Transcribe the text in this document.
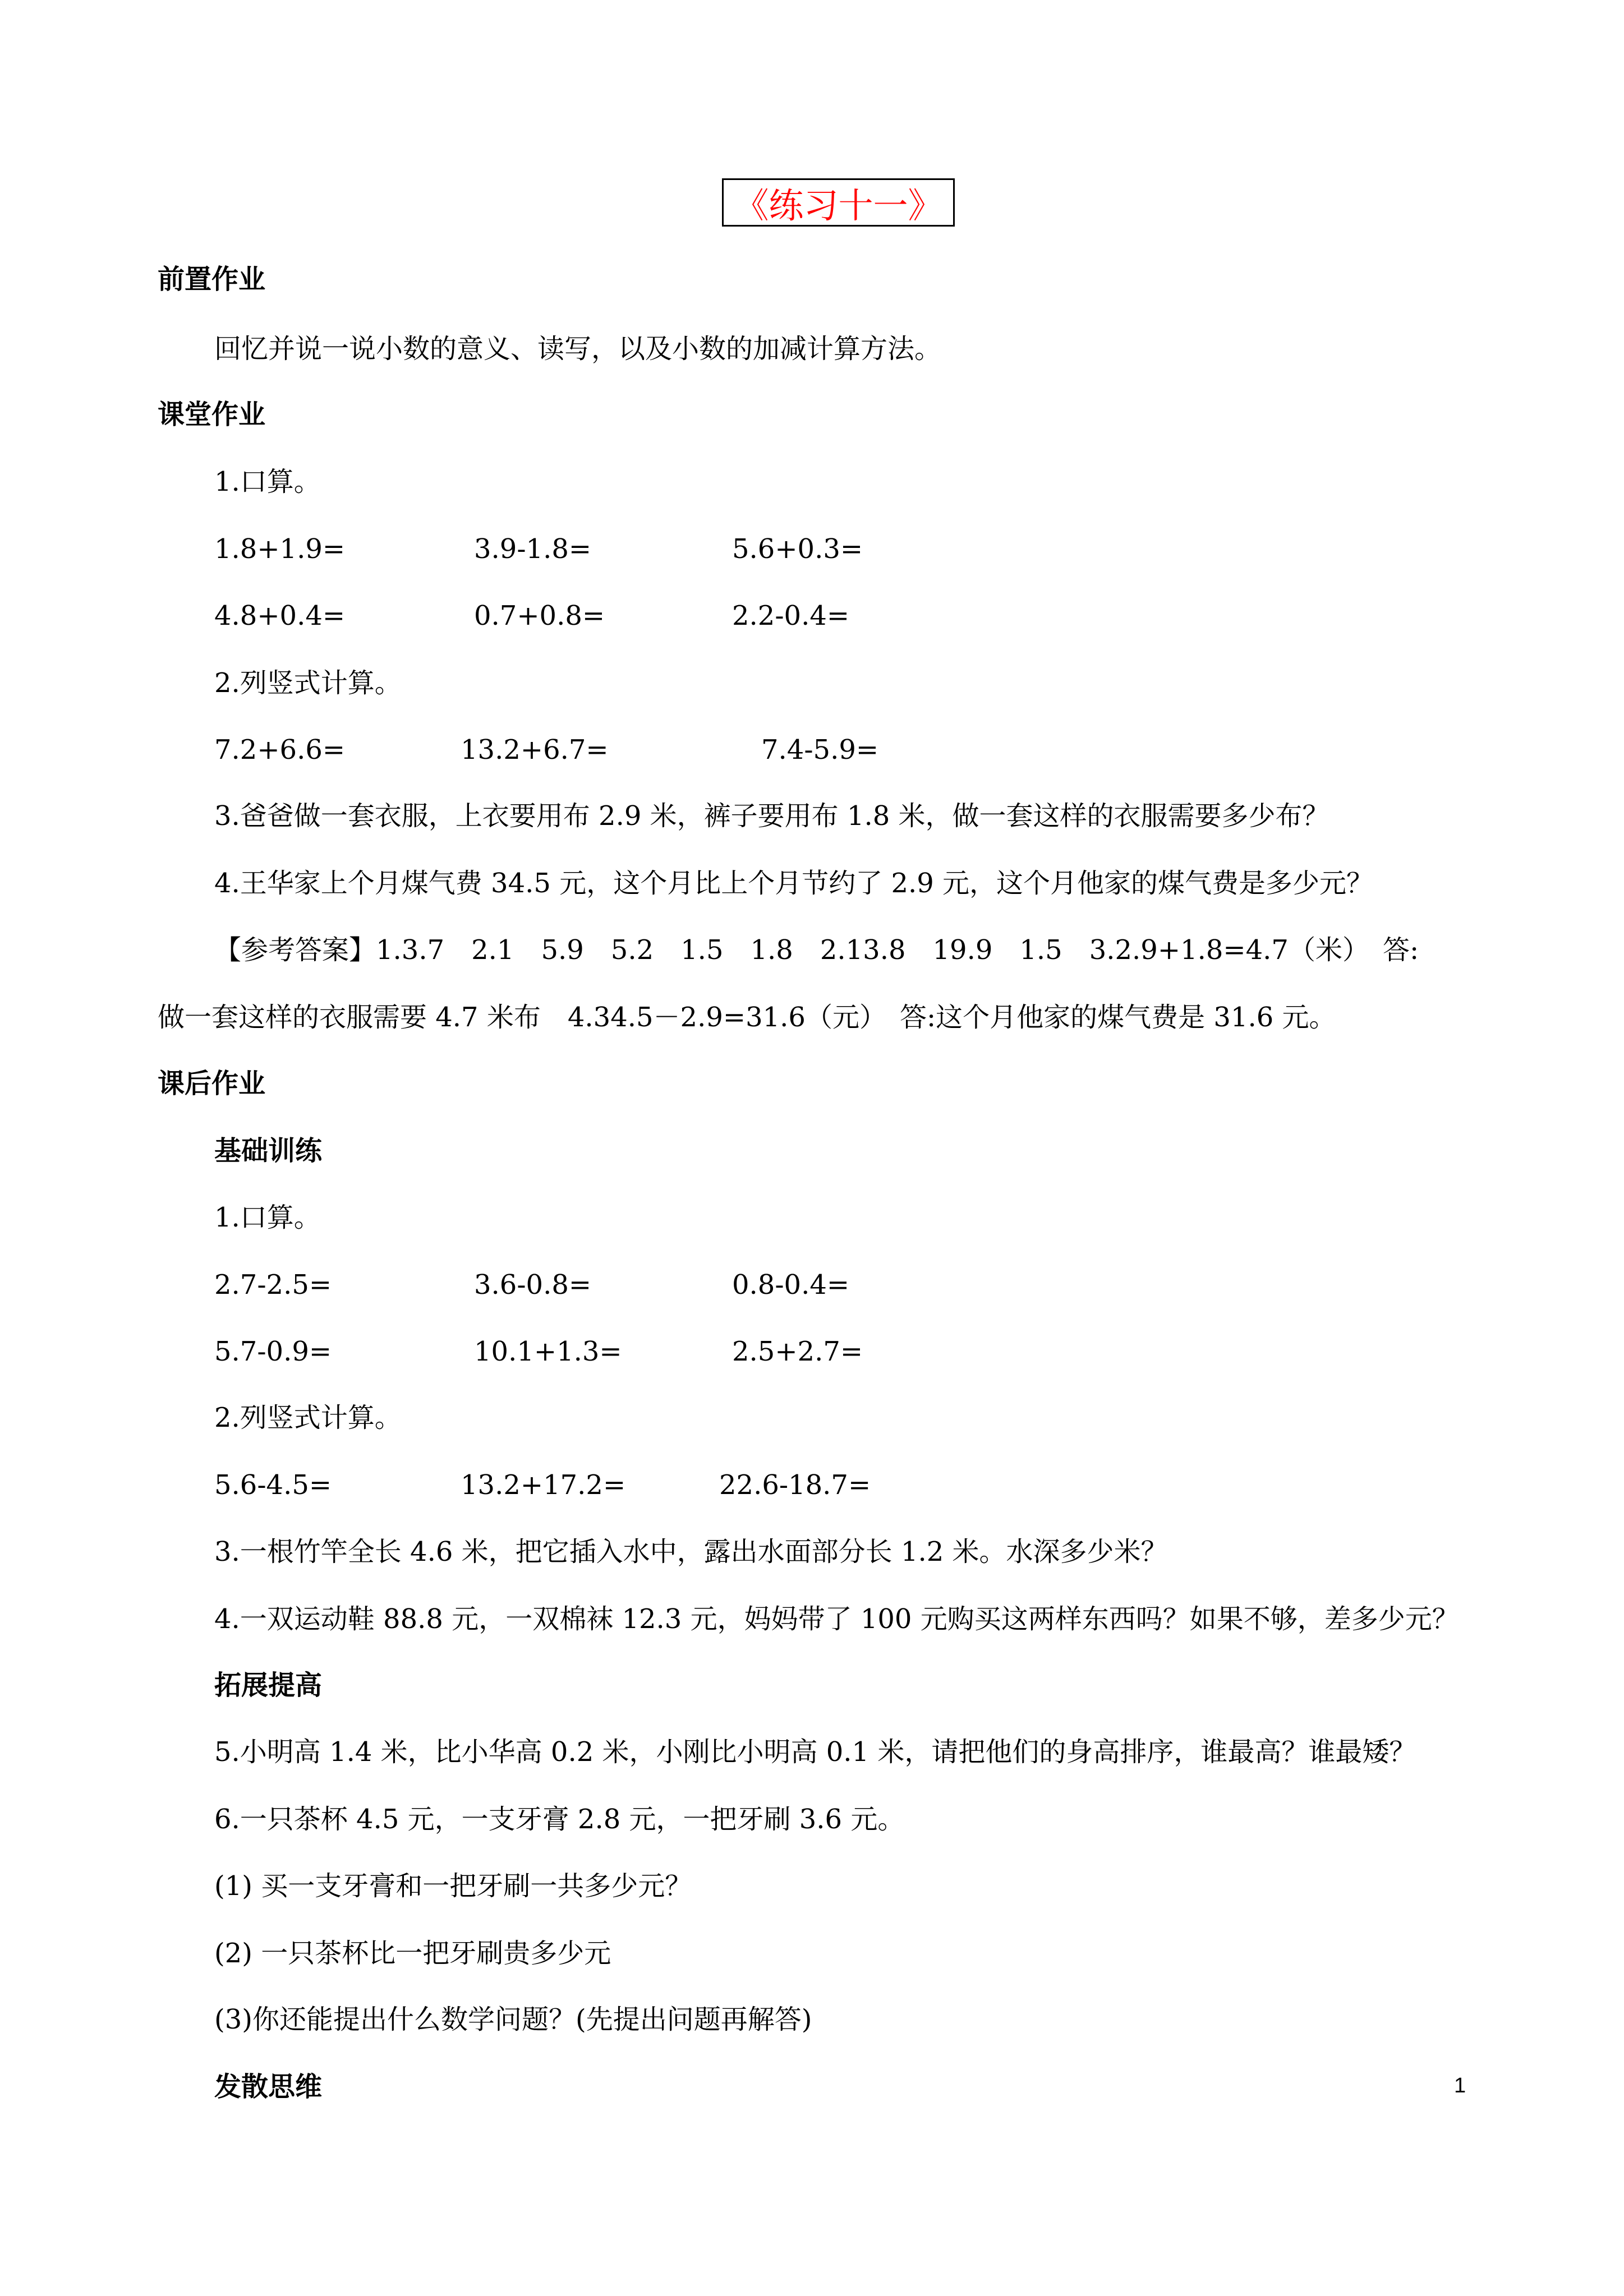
《练习十一》
前置作业
回忆并说一说小数的意义、读写，以及小数的加减计算方法。
课堂作业
1.口算。
1.8+1.9=	3.9-1.8=	5.6+0.3=
4.8+0.4=	0.7+0.8=	2.2-0.4=
2.列竖式计算。
7.2+6.6=	13.2+6.7=	7.4-5.9=
3.爸爸做一套衣服，上衣要用布 2.9 米，裤子要用布 1.8 米，做一套这样的衣服需要多少布？
4.王华家上个月煤气费 34.5 元，这个月比上个月节约了 2.9 元，这个月他家的煤气费是多少元？
【参考答案】1.3.7　2.1　5.9　5.2　1.5　1.8　2.13.8　19.9　1.5　3.2.9+1.8=4.7（米）　答:
做一套这样的衣服需要 4.7 米布　4.34.5－2.9=31.6（元）　答:这个月他家的煤气费是 31.6 元。
课后作业
基础训练
1.口算。
2.7-2.5=	3.6-0.8=	0.8-0.4=
5.7-0.9=	10.1+1.3=	2.5+2.7=
2.列竖式计算。
5.6-4.5=	13.2+17.2=	22.6-18.7=
3.一根竹竿全长 4.6 米，把它插入水中，露出水面部分长 1.2 米。水深多少米？
4.一双运动鞋 88.8 元，一双棉袜 12.3 元，妈妈带了 100 元购买这两样东西吗？如果不够，差多少元？
拓展提高
5.小明高 1.4 米，比小华高 0.2 米，小刚比小明高 0.1 米，请把他们的身高排序，谁最高？谁最矮？
6.一只茶杯 4.5 元，一支牙膏 2.8 元，一把牙刷 3.6 元。
(1) 买一支牙膏和一把牙刷一共多少元？
(2) 一只茶杯比一把牙刷贵多少元
(3)你还能提出什么数学问题？(先提出问题再解答)
发散思维	1
